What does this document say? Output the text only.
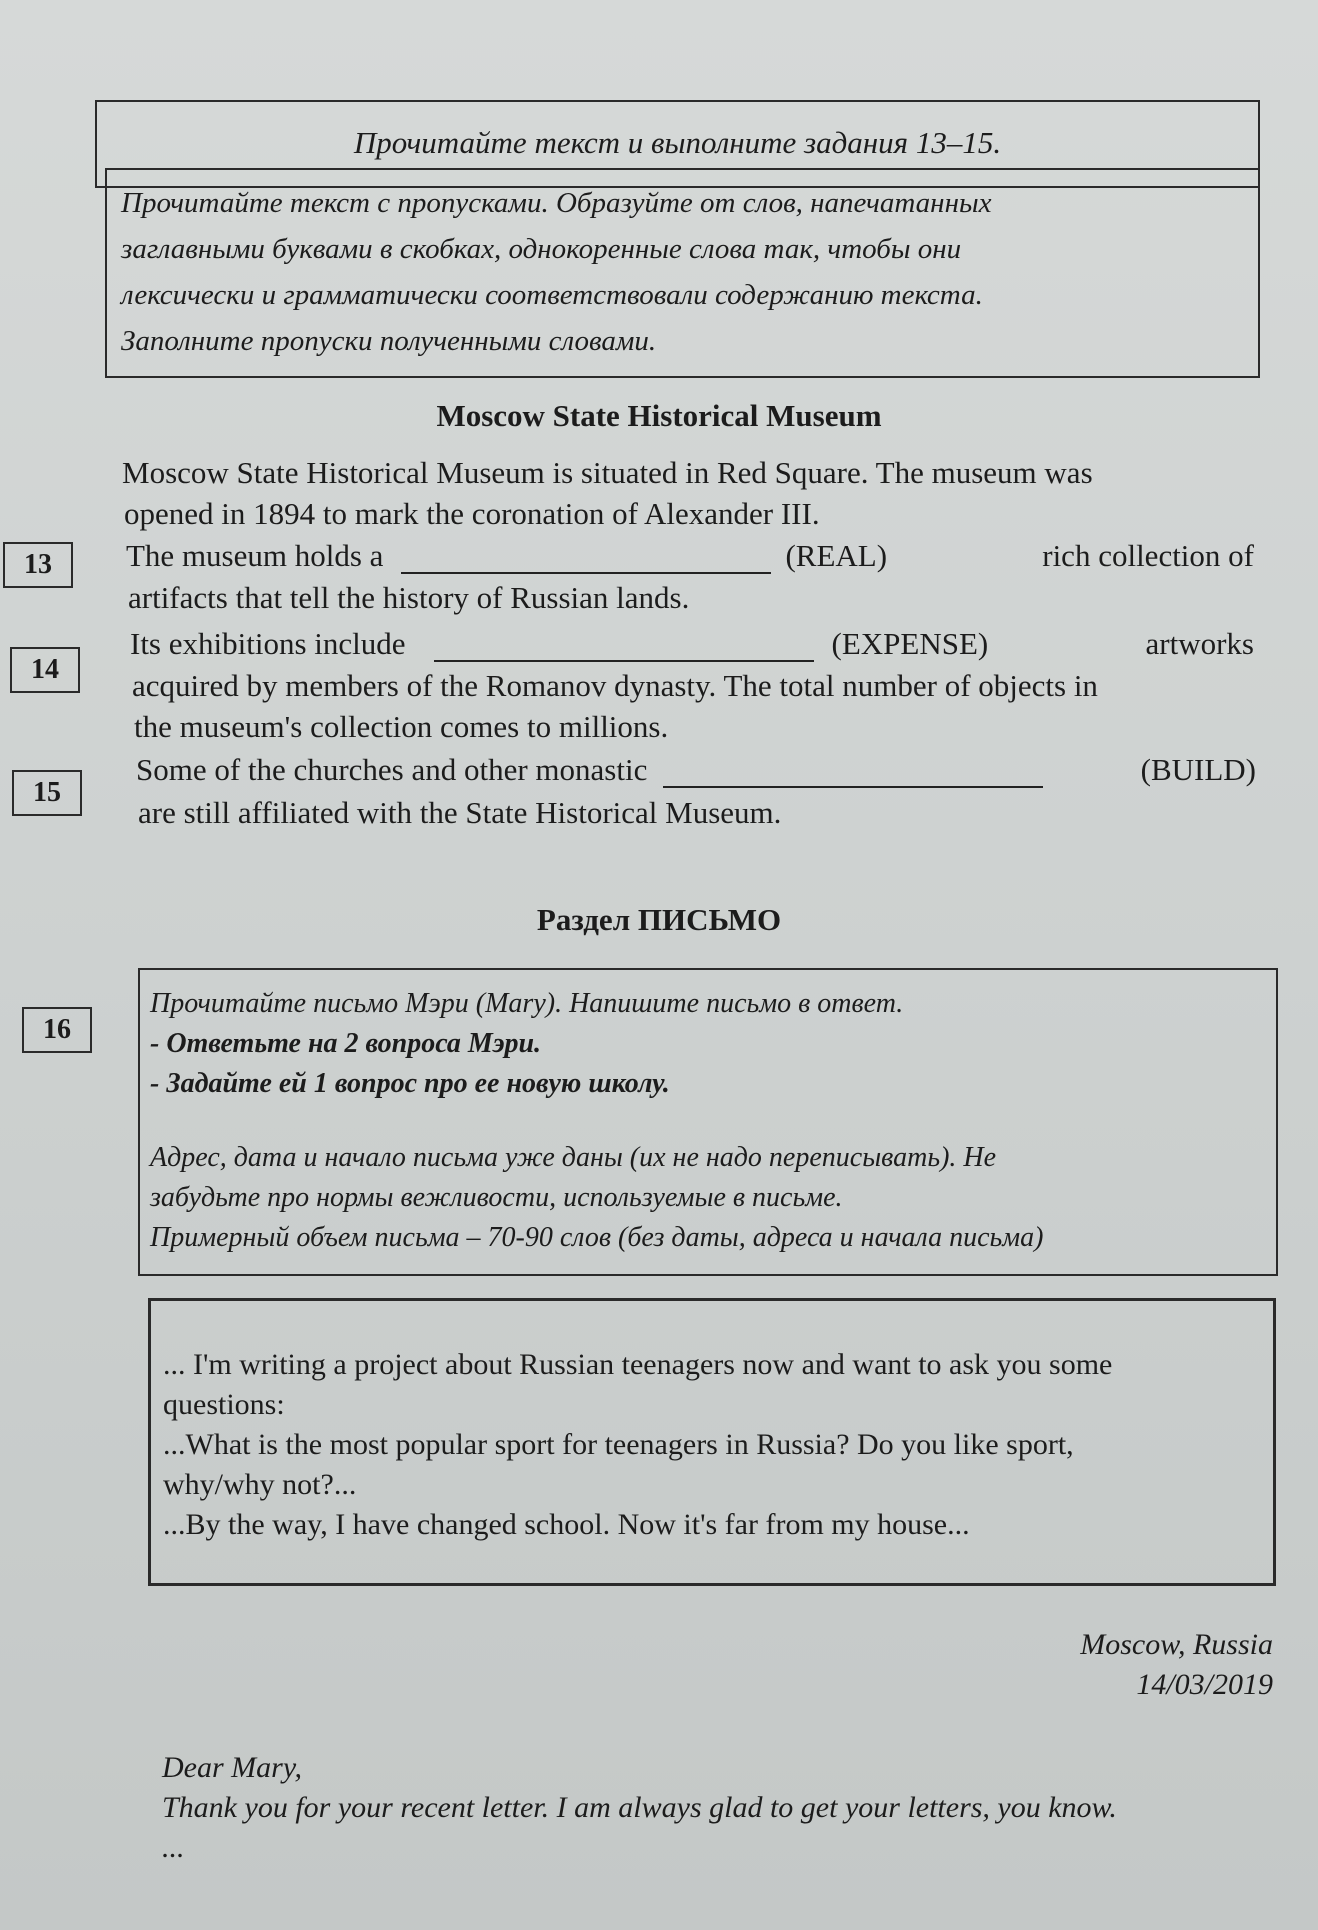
Прочитайте текст и выполните задания 13–15.
Прочитайте текст с пропусками. Образуйте от слов, напечатанных
заглавными буквами в скобках, однокоренные слова так, чтобы они
лексически и грамматически соответствовали содержанию текста.
Заполните пропуски полученными словами.
Moscow State Historical Museum
Moscow State Historical Museum is situated in Red Square. The museum was
opened in 1894 to mark the coronation of Alexander III.
13	The museum holds a	(REAL)	rich collection of
artifacts that tell the history of Russian lands.
14
Its exhibitions include	(EXPENSE)	artworks
acquired by members of the Romanov dynasty. The total number of objects in
the museum's collection comes to millions.
15
Some of the churches and other monastic	(BUILD)
are still affiliated with the State Historical Museum.
Раздел ПИСЬМО
16
Прочитайте письмо Мэри (Mary). Напишите письмо в ответ.
- Ответьте на 2 вопроса Мэри.
- Задайте ей 1 вопрос про ее новую школу.
Адрес, дата и начало письма уже даны (их не надо переписывать). Не
забудьте про нормы вежливости, используемые в письме.
Примерный объем письма – 70-90 слов (без даты, адреса и начала письма)
... I'm writing a project about Russian teenagers now and want to ask you some
questions:
...What is the most popular sport for teenagers in Russia? Do you like sport,
why/why not?...
...By the way, I have changed school. Now it's far from my house...
Moscow, Russia
14/03/2019
Dear Mary,
Thank you for your recent letter. I am always glad to get your letters, you know.
...
